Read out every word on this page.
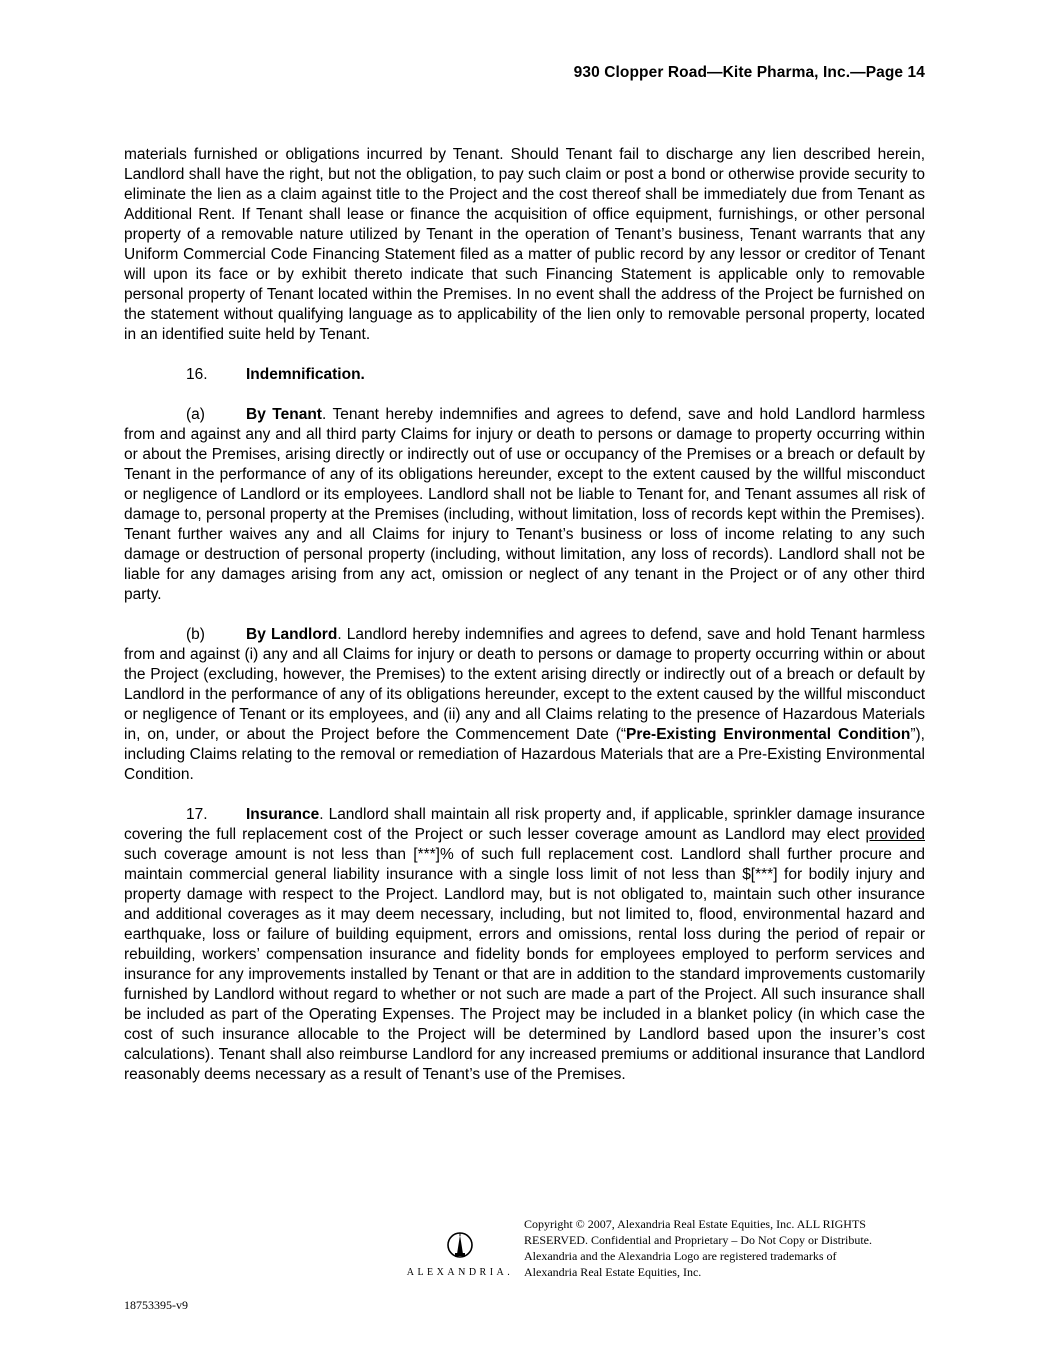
930 Clopper Road—Kite Pharma, Inc.—Page 14

materials furnished or obligations incurred by Tenant. Should Tenant fail to discharge any lien described herein, Landlord shall have the right, but not the obligation, to pay such claim or post a bond or otherwise provide security to eliminate the lien as a claim against title to the Project and the cost thereof shall be immediately due from Tenant as Additional Rent. If Tenant shall lease or finance the acquisition of office equipment, furnishings, or other personal property of a removable nature utilized by Tenant in the operation of Tenant’s business, Tenant warrants that any Uniform Commercial Code Financing Statement filed as a matter of public record by any lessor or creditor of Tenant will upon its face or by exhibit thereto indicate that such Financing Statement is applicable only to removable personal property of Tenant located within the Premises. In no event shall the address of the Project be furnished on the statement without qualifying language as to applicability of the lien only to removable personal property, located in an identified suite held by Tenant.

16. Indemnification.

(a)	By Tenant. Tenant hereby indemnifies and agrees to defend, save and hold Landlord harmless from and against any and all third party Claims for injury or death to persons or damage to property occurring within or about the Premises, arising directly or indirectly out of use or occupancy of the Premises or a breach or default by Tenant in the performance of any of its obligations hereunder, except to the extent caused by the willful misconduct or negligence of Landlord or its employees. Landlord shall not be liable to Tenant for, and Tenant assumes all risk of damage to, personal property at the Premises (including, without limitation, loss of records kept within the Premises). Tenant further waives any and all Claims for injury to Tenant’s business or loss of income relating to any such damage or destruction of personal property (including, without limitation, any loss of records). Landlord shall not be liable for any damages arising from any act, omission or neglect of any tenant in the Project or of any other third party.

(b)	By Landlord. Landlord hereby indemnifies and agrees to defend, save and hold Tenant harmless from and against (i) any and all Claims for injury or death to persons or damage to property occurring within or about the Project (excluding, however, the Premises) to the extent arising directly or indirectly out of a breach or default by Landlord in the performance of any of its obligations hereunder, except to the extent caused by the willful misconduct or negligence of Tenant or its employees, and (ii) any and all Claims relating to the presence of Hazardous Materials in, on, under, or about the Project before the Commencement Date (“Pre-Existing Environmental Condition”), including Claims relating to the removal or remediation of Hazardous Materials that are a Pre-Existing Environmental Condition.

17. Insurance. Landlord shall maintain all risk property and, if applicable, sprinkler damage insurance covering the full replacement cost of the Project or such lesser coverage amount as Landlord may elect provided such coverage amount is not less than [***]% of such full replacement cost. Landlord shall further procure and maintain commercial general liability insurance with a single loss limit of not less than $[***] for bodily injury and property damage with respect to the Project. Landlord may, but is not obligated to, maintain such other insurance and additional coverages as it may deem necessary, including, but not limited to, flood, environmental hazard and earthquake, loss or failure of building equipment, errors and omissions, rental loss during the period of repair or rebuilding, workers’ compensation insurance and fidelity bonds for employees employed to perform services and insurance for any improvements installed by Tenant or that are in addition to the standard improvements customarily furnished by Landlord without regard to whether or not such are made a part of the Project. All such insurance shall be included as part of the Operating Expenses. The Project may be included in a blanket policy (in which case the cost of such insurance allocable to the Project will be determined by Landlord based upon the insurer’s cost calculations). Tenant shall also reimburse Landlord for any increased premiums or additional insurance that Landlord reasonably deems necessary as a result of Tenant’s use of the Premises.

ALEXANDRIA.
Copyright © 2007, Alexandria Real Estate Equities, Inc. ALL RIGHTS RESERVED. Confidential and Proprietary – Do Not Copy or Distribute. Alexandria and the Alexandria Logo are registered trademarks of Alexandria Real Estate Equities, Inc.
18753395-v9
